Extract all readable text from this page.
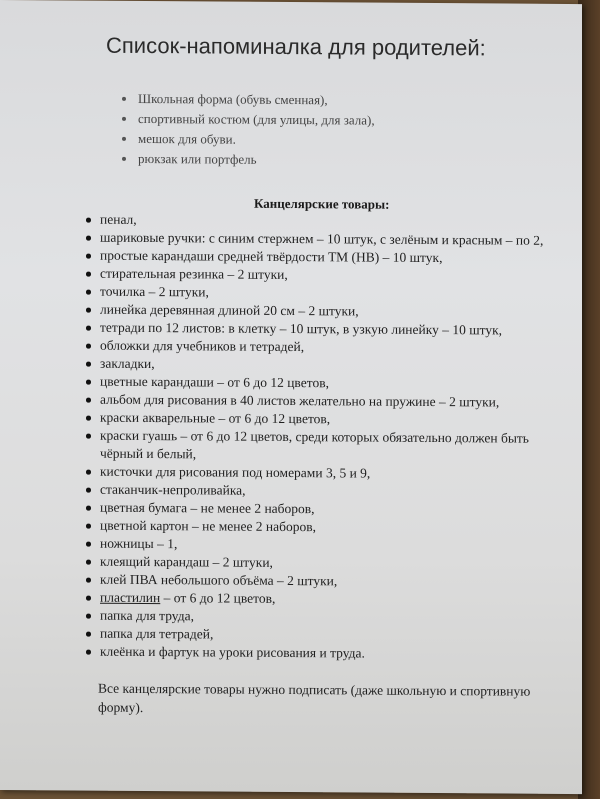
Список-напоминалка для родителей:
Школьная форма (обувь сменная),
спортивный костюм (для улицы, для зала),
мешок для обуви.
рюкзак или портфель
Канцелярские товары:
пенал,
шариковые ручки: с синим стержнем – 10 штук, с зелёным и красным – по 2,
простые карандаши средней твёрдости ТМ (НВ) – 10 штук,
стирательная резинка – 2 штуки,
точилка – 2 штуки,
линейка деревянная длиной 20 см – 2 штуки,
тетради по 12 листов: в клетку – 10 штук, в узкую линейку – 10 штук,
обложки для учебников и тетрадей,
закладки,
цветные карандаши – от 6 до 12 цветов,
альбом для рисования в 40 листов желательно на пружине – 2 штуки,
краски акварельные – от 6 до 12 цветов,
краски гуашь – от 6 до 12 цветов, среди которых обязательно должен быть
чёрный и белый,
кисточки для рисования под номерами 3, 5 и 9,
стаканчик-непроливайка,
цветная бумага – не менее 2 наборов,
цветной картон – не менее 2 наборов,
ножницы – 1,
клеящий карандаш – 2 штуки,
клей ПВА небольшого объёма – 2 штуки,
пластилин – от 6 до 12 цветов,
папка для труда,
папка для тетрадей,
клеёнка и фартук на уроки рисования и труда.
Все канцелярские товары нужно подписать (даже школьную и спортивную форму).
